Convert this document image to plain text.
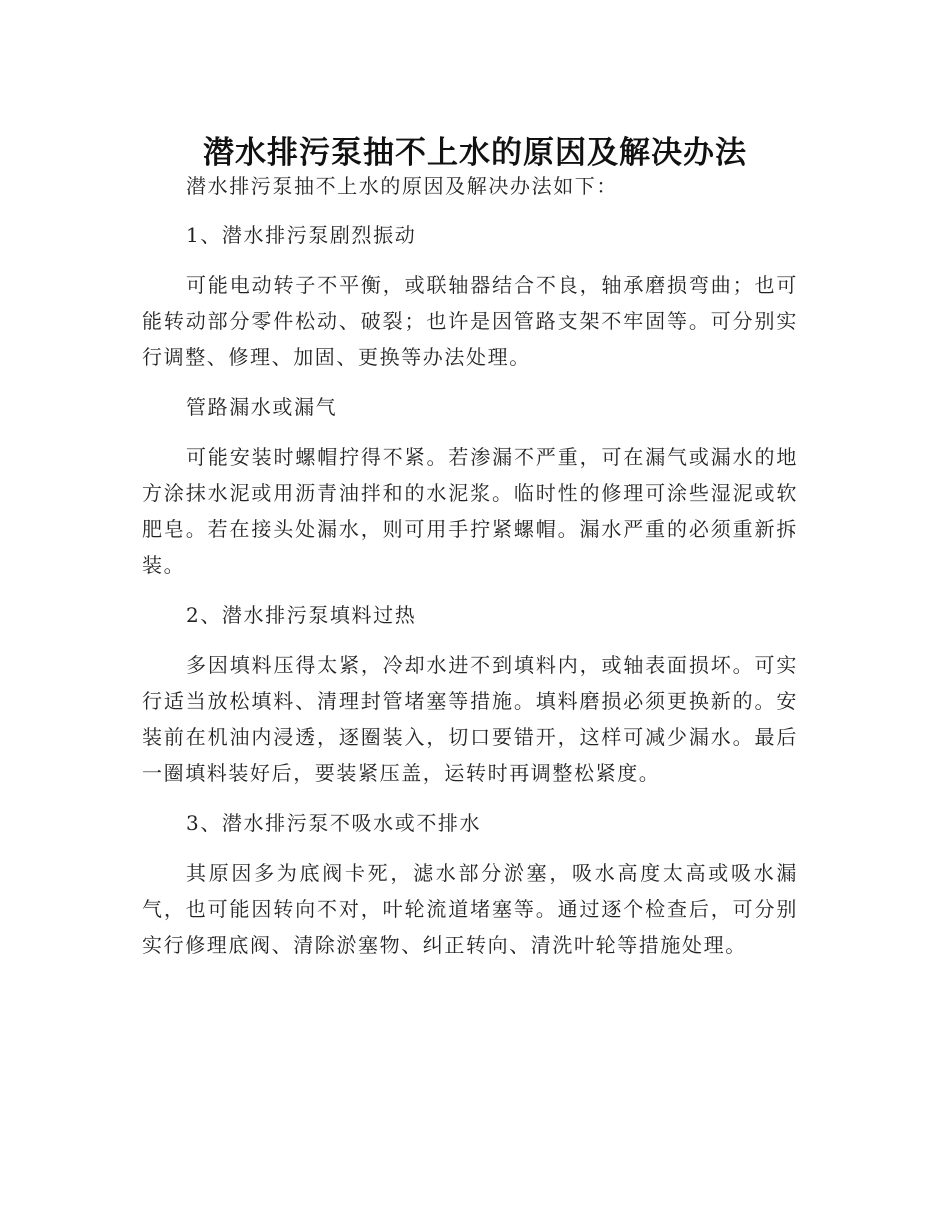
潜水排污泵抽不上水的原因及解决办法

潜水排污泵抽不上水的原因及解决办法如下：

1、潜水排污泵剧烈振动

可能电动转子不平衡，或联轴器结合不良，轴承磨损弯曲；也可能转动部分零件松动、破裂；也许是因管路支架不牢固等。可分别实行调整、修理、加固、更换等办法处理。

管路漏水或漏气

可能安装时螺帽拧得不紧。若渗漏不严重，可在漏气或漏水的地方涂抹水泥或用沥青油拌和的水泥浆。临时性的修理可涂些湿泥或软肥皂。若在接头处漏水，则可用手拧紧螺帽。漏水严重的必须重新拆装。

2、潜水排污泵填料过热

多因填料压得太紧，冷却水进不到填料内，或轴表面损坏。可实行适当放松填料、清理封管堵塞等措施。填料磨损必须更换新的。安装前在机油内浸透，逐圈装入，切口要错开，这样可减少漏水。最后一圈填料装好后，要装紧压盖，运转时再调整松紧度。

3、潜水排污泵不吸水或不排水

其原因多为底阀卡死，滤水部分淤塞，吸水高度太高或吸水漏气，也可能因转向不对，叶轮流道堵塞等。通过逐个检查后，可分别实行修理底阀、清除淤塞物、纠正转向、清洗叶轮等措施处理。
